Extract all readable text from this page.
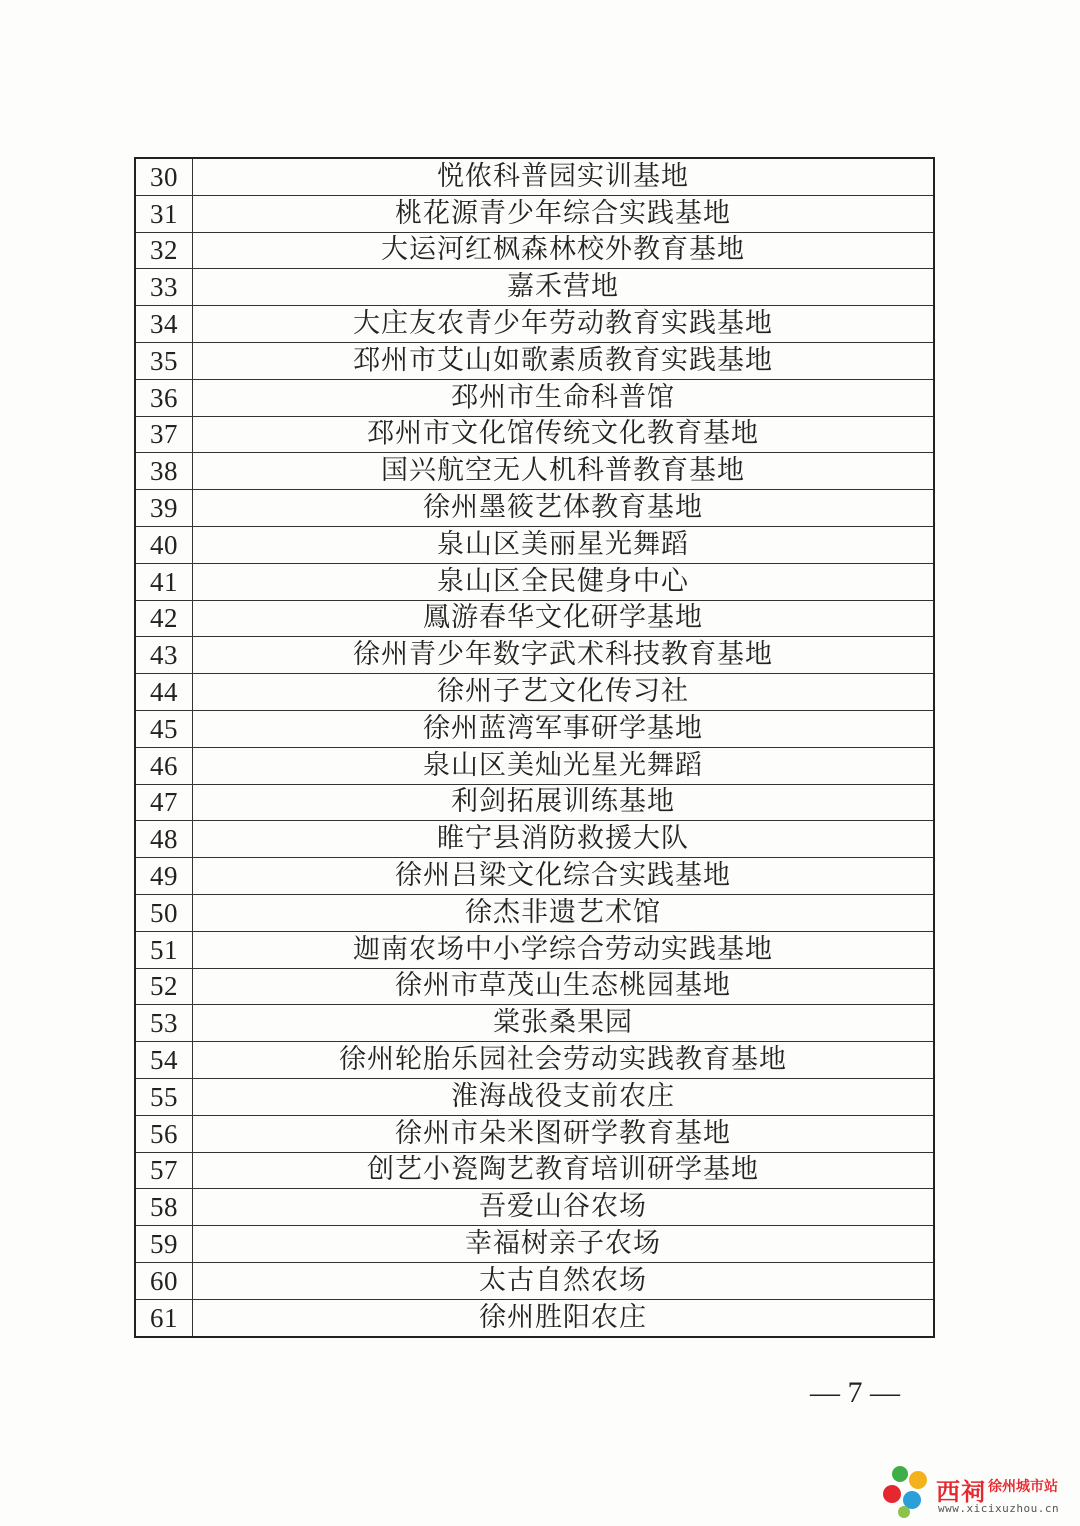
30	悦侬科普园实训基地
31	桃花源青少年综合实践基地
32	大运河红枫森林校外教育基地
33	嘉禾营地
34	大庄友农青少年劳动教育实践基地
35	邳州市艾山如歌素质教育实践基地
36	邳州市生命科普馆
37	邳州市文化馆传统文化教育基地
38	国兴航空无人机科普教育基地
39	徐州墨筱艺体教育基地
40	泉山区美丽星光舞蹈
41	泉山区全民健身中心
42	鳳游春华文化研学基地
43	徐州青少年数字武术科技教育基地
44	徐州子艺文化传习社
45	徐州蓝湾军事研学基地
46	泉山区美灿光星光舞蹈
47	利剑拓展训练基地
48	睢宁县消防救援大队
49	徐州吕梁文化综合实践基地
50	徐杰非遗艺术馆
51	迦南农场中小学综合劳动实践基地
52	徐州市草茂山生态桃园基地
53	棠张桑果园
54	徐州轮胎乐园社会劳动实践教育基地
55	淮海战役支前农庄
56	徐州市朵米图研学教育基地
57	创艺小瓷陶艺教育培训研学基地
58	吾爱山谷农场
59	幸福树亲子农场
60	太古自然农场
61	徐州胜阳农庄
— 7 —
西祠 徐州城市站
www.xicixuzhou.cn
